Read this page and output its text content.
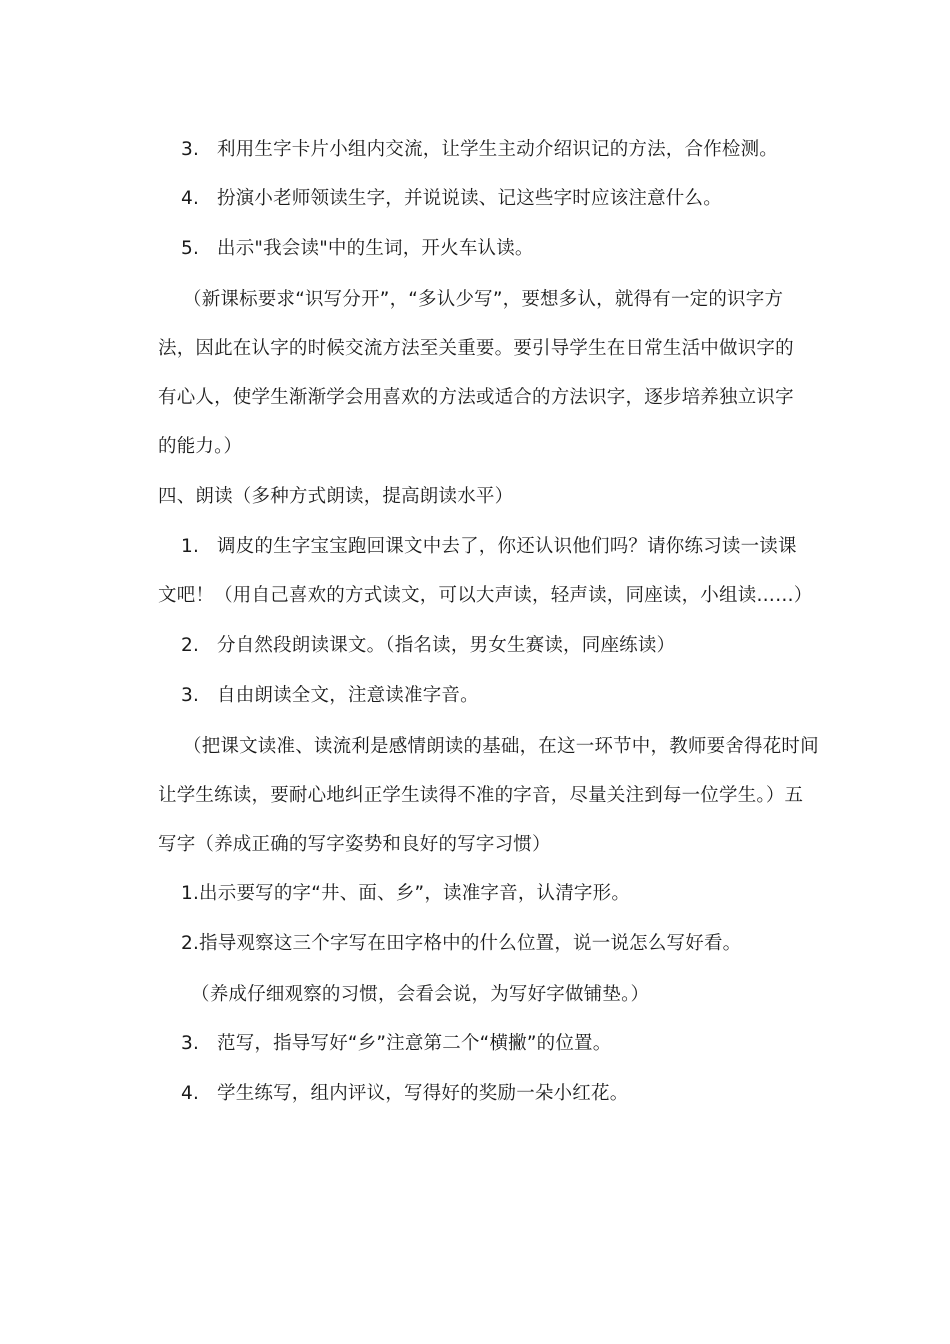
3. 利用生字卡片小组内交流，让学生主动介绍识记的方法，合作检测。
4. 扮演小老师领读生字，并说说读、记这些字时应该注意什么。
5. 出示"我会读"中的生词，开火车认读。
（新课标要求“识写分开”，“多认少写”，要想多认，就得有一定的识字方
法，因此在认字的时候交流方法至关重要。要引导学生在日常生活中做识字的
有心人，使学生渐渐学会用喜欢的方法或适合的方法识字，逐步培养独立识字
的能力。）
四、朗读（多种方式朗读，提高朗读水平）
1. 调皮的生字宝宝跑回课文中去了，你还认识他们吗？请你练习读一读课
文吧！（用自己喜欢的方式读文，可以大声读，轻声读，同座读，小组读……）
2. 分自然段朗读课文。（指名读，男女生赛读，同座练读）
3. 自由朗读全文，注意读准字音。
（把课文读准、读流利是感情朗读的基础，在这一环节中，教师要舍得花时间
让学生练读，要耐心地纠正学生读得不准的字音，尽量关注到每一位学生。）五
写字（养成正确的写字姿势和良好的写字习惯）
1.出示要写的字“井、面、乡”，读准字音，认清字形。
2.指导观察这三个字写在田字格中的什么位置，说一说怎么写好看。
（养成仔细观察的习惯，会看会说，为写好字做铺垫。）
3. 范写，指导写好“乡”注意第二个“横撇”的位置。
4. 学生练写，组内评议，写得好的奖励一朵小红花。
